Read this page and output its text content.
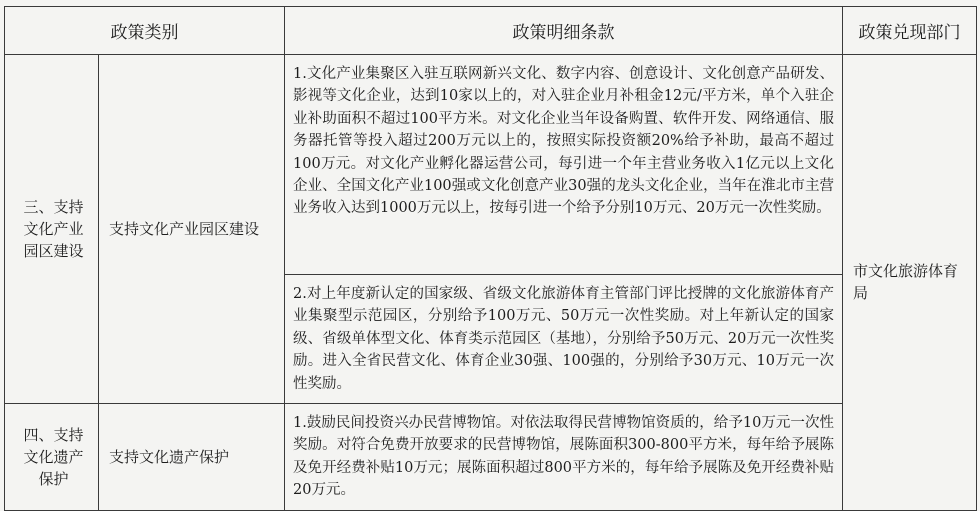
政策类别		政策明细条款	政策兑现部门
三、支持文化产业园区建设	支持文化产业园区建设	1.文化产业集聚区入驻互联网新兴文化、数字内容、创意设计、文化创意产品研发、影视等文化企业，达到10家以上的，对入驻企业月补租金12元/平方米，单个入驻企业补助面积不超过100平方米。对文化企业当年设备购置、软件开发、网络通信、服务器托管等投入超过200万元以上的，按照实际投资额20%给予补助，最高不超过100万元。对文化产业孵化器运营公司，每引进一个年主营业务收入1亿元以上文化企业、全国文化产业100强或文化创意产业30强的龙头文化企业，当年在淮北市主营业务收入达到1000万元以上，按每引进一个给予分别10万元、20万元一次性奖励。	市文化旅游体育局
		2.对上年度新认定的国家级、省级文化旅游体育主管部门评比授牌的文化旅游体育产业集聚型示范园区，分别给予100万元、50万元一次性奖励。对上年新认定的国家级、省级单体型文化、体育类示范园区（基地），分别给予50万元、20万元一次性奖励。进入全省民营文化、体育企业30强、100强的，分别给予30万元、10万元一次性奖励。	
四、支持文化遗产保护	支持文化遗产保护	1.鼓励民间投资兴办民营博物馆。对依法取得民营博物馆资质的，给予10万元一次性奖励。对符合免费开放要求的民营博物馆，展陈面积300-800平方米，每年给予展陈及免开经费补贴10万元；展陈面积超过800平方米的，每年给予展陈及免开经费补贴20万元。	
